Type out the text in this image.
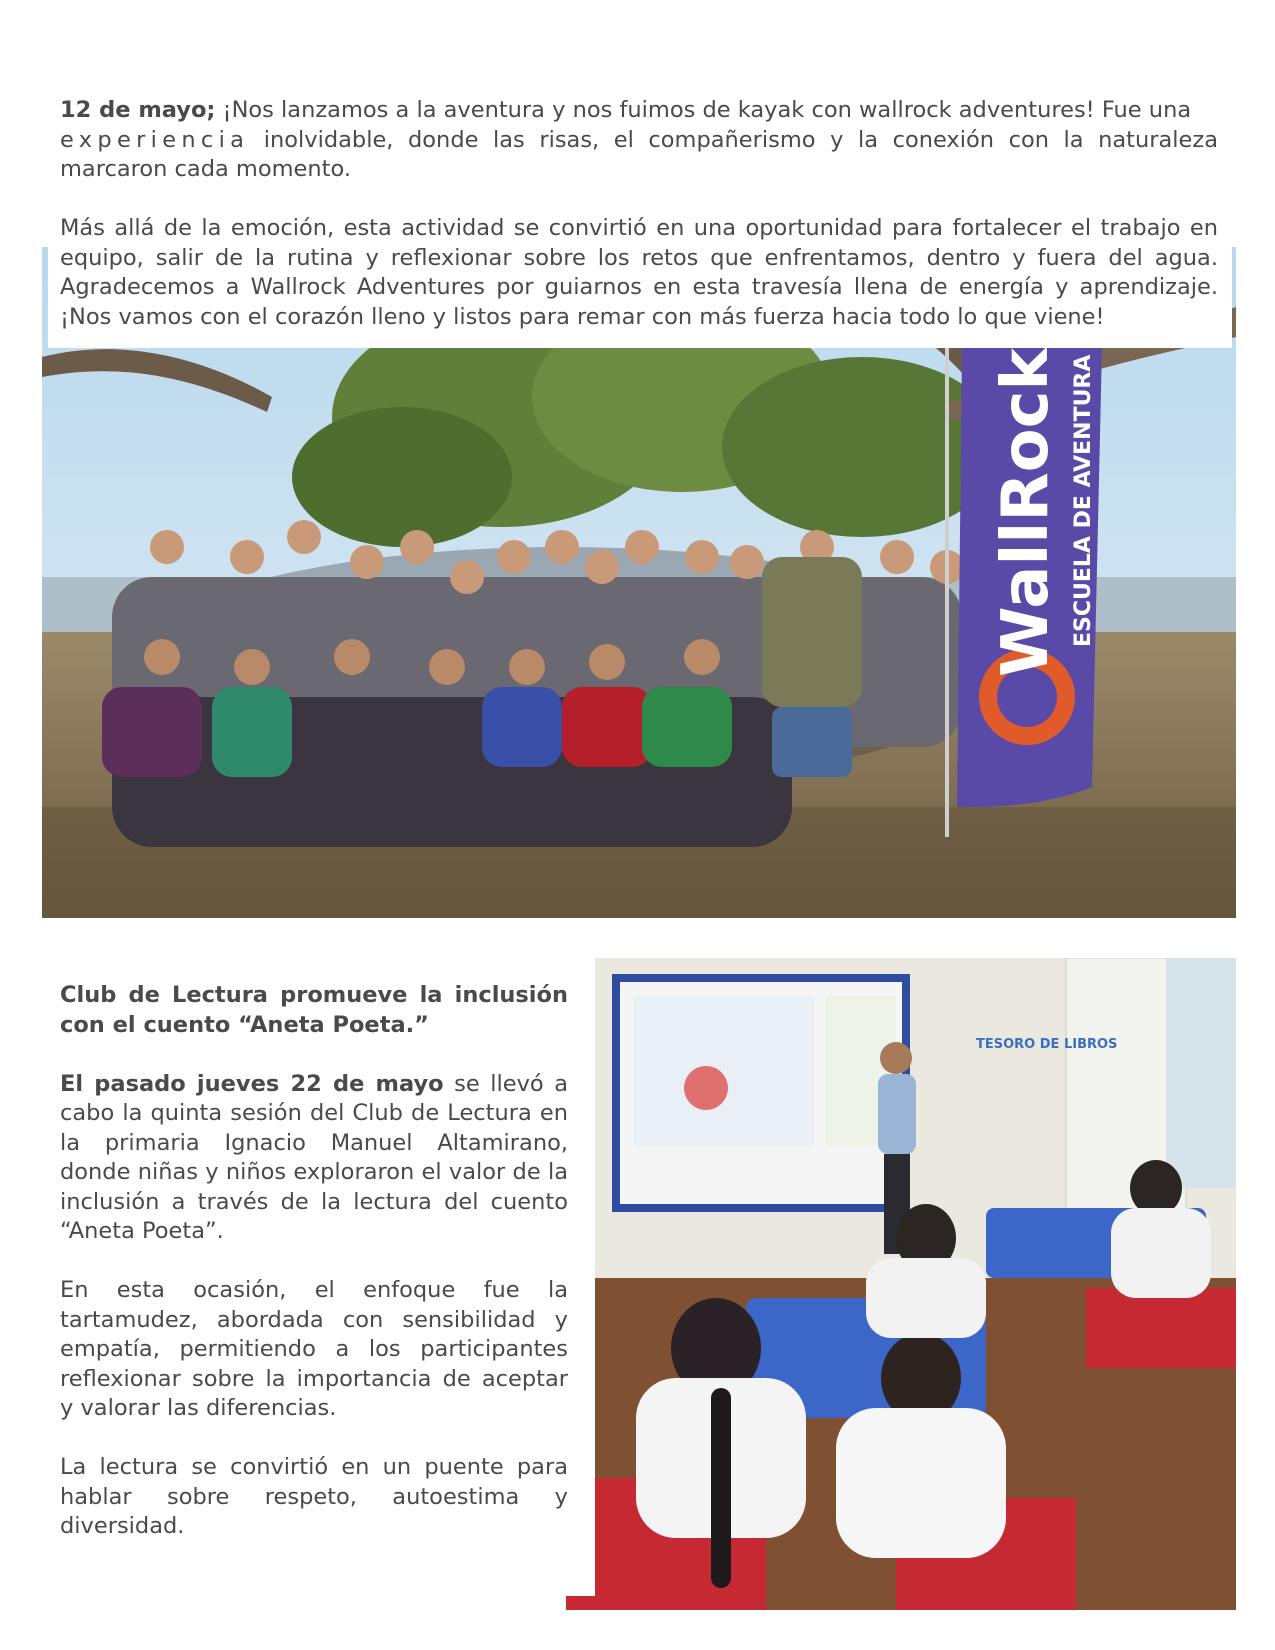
WallRock ESCUELA DE AVENTURA

12 de mayo; ¡Nos lanzamos a la aventura y nos fuimos de kayak con wallrock adventures! Fue una
experiencia inolvidable, donde las risas, el compañerismo y la conexión con la naturaleza marcaron cada momento.

Más allá de la emoción, esta actividad se convirtió en una oportunidad para fortalecer el trabajo en equipo, salir de la rutina y reflexionar sobre los retos que enfrentamos, dentro y fuera del agua. Agradecemos a Wallrock Adventures por guiarnos en esta travesía llena de energía y aprendizaje. ¡Nos vamos con el corazón lleno y listos para remar con más fuerza hacia todo lo que viene!

TESORO DE LIBROS
Club de Lectura promueve la inclusión con el cuento “Aneta Poeta.”

El pasado jueves 22 de mayo se llevó a cabo la quinta sesión del Club de Lectura en la primaria Ignacio Manuel Altamirano, donde niñas y niños exploraron el valor de la inclusión a través de la lectura del cuento “Aneta Poeta”.

En esta ocasión, el enfoque fue la tartamudez, abordada con sensibilidad y empatía, permitiendo a los participantes reflexionar sobre la importancia de aceptar y valorar las diferencias.

La lectura se convirtió en un puente para hablar sobre respeto, autoestima y diversidad.
